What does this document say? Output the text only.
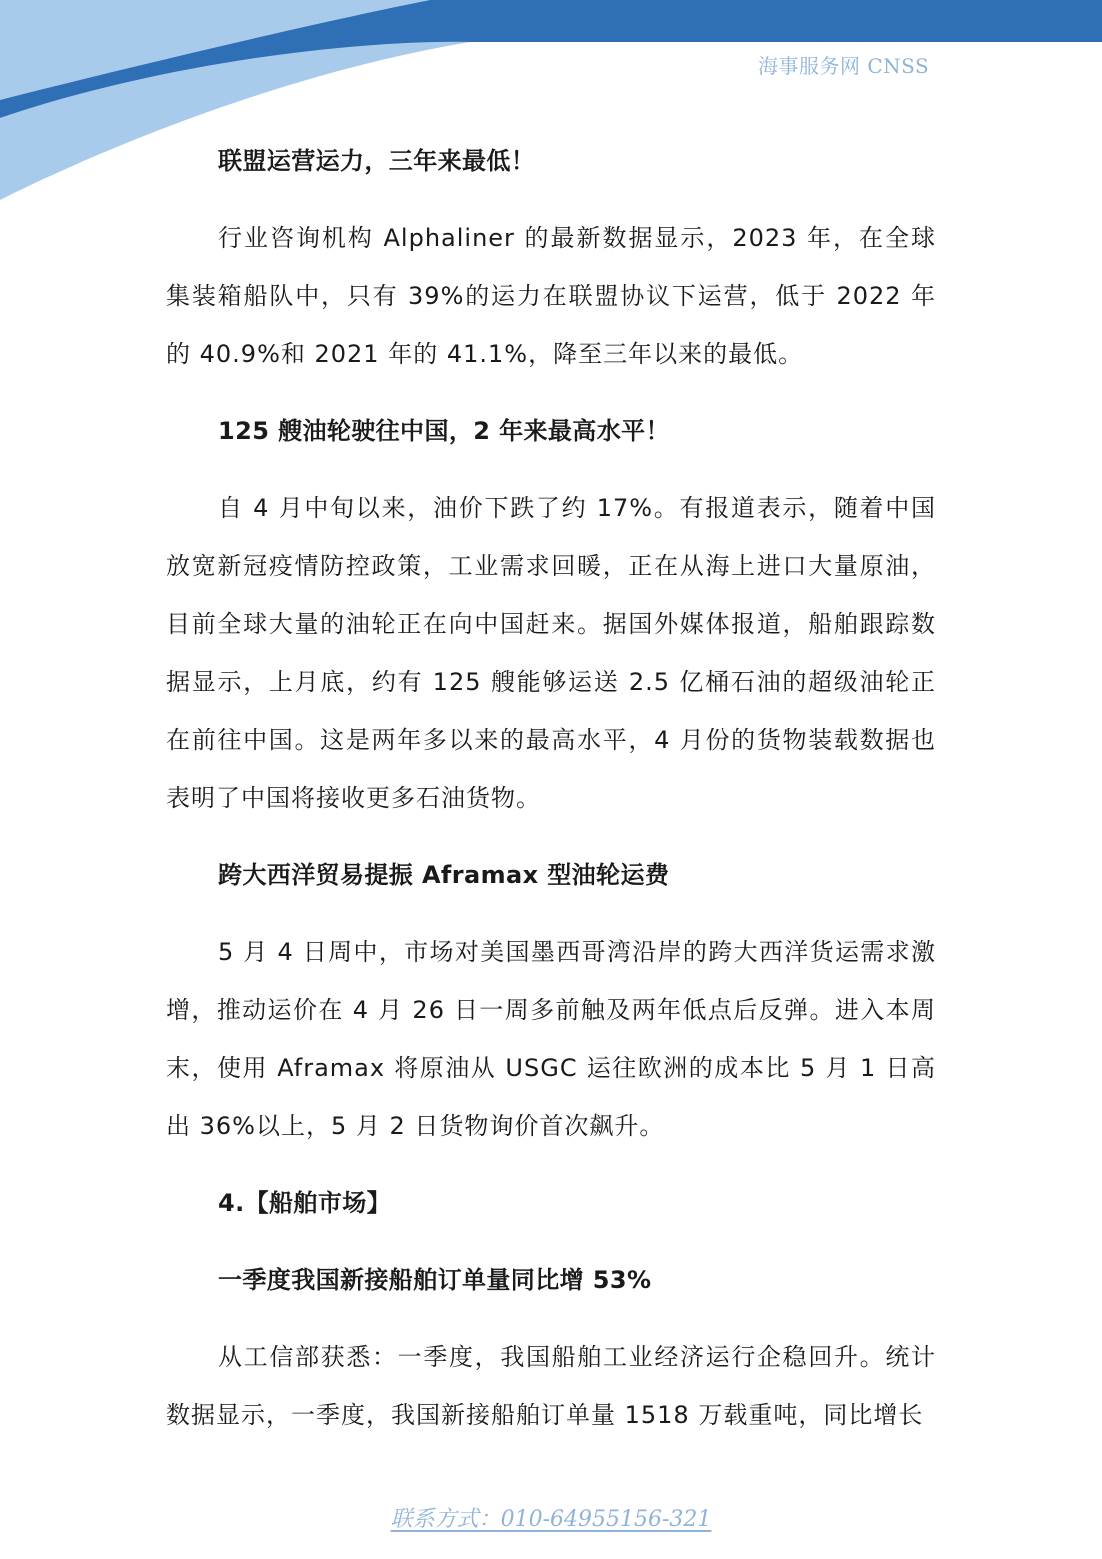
海事服务网 CNSS
联盟运营运力，三年来最低！

行业咨询机构 Alphaliner 的最新数据显示，2023 年，在全球集装箱船队中，只有 39%的运力在联盟协议下运营，低于 2022 年的 40.9%和 2021 年的 41.1%，降至三年以来的最低。

125 艘油轮驶往中国，2 年来最高水平！

自 4 月中旬以来，油价下跌了约 17%。有报道表示，随着中国放宽新冠疫情防控政策，工业需求回暖，正在从海上进口大量原油，目前全球大量的油轮正在向中国赶来。据国外媒体报道，船舶跟踪数据显示，上月底，约有 125 艘能够运送 2.5 亿桶石油的超级油轮正在前往中国。这是两年多以来的最高水平，4 月份的货物装载数据也表明了中国将接收更多石油货物。

跨大西洋贸易提振 Aframax 型油轮运费

5 月 4 日周中，市场对美国墨西哥湾沿岸的跨大西洋货运需求激增，推动运价在 4 月 26 日一周多前触及两年低点后反弹。进入本周末，使用 Aframax 将原油从 USGC 运往欧洲的成本比 5 月 1 日高出 36%以上，5 月 2 日货物询价首次飙升。

4.【船舶市场】
一季度我国新接船舶订单量同比增 53%

从工信部获悉：一季度，我国船舶工业经济运行企稳回升。统计数据显示，一季度，我国新接船舶订单量 1518 万载重吨，同比增长

联系方式：010-64955156-321
